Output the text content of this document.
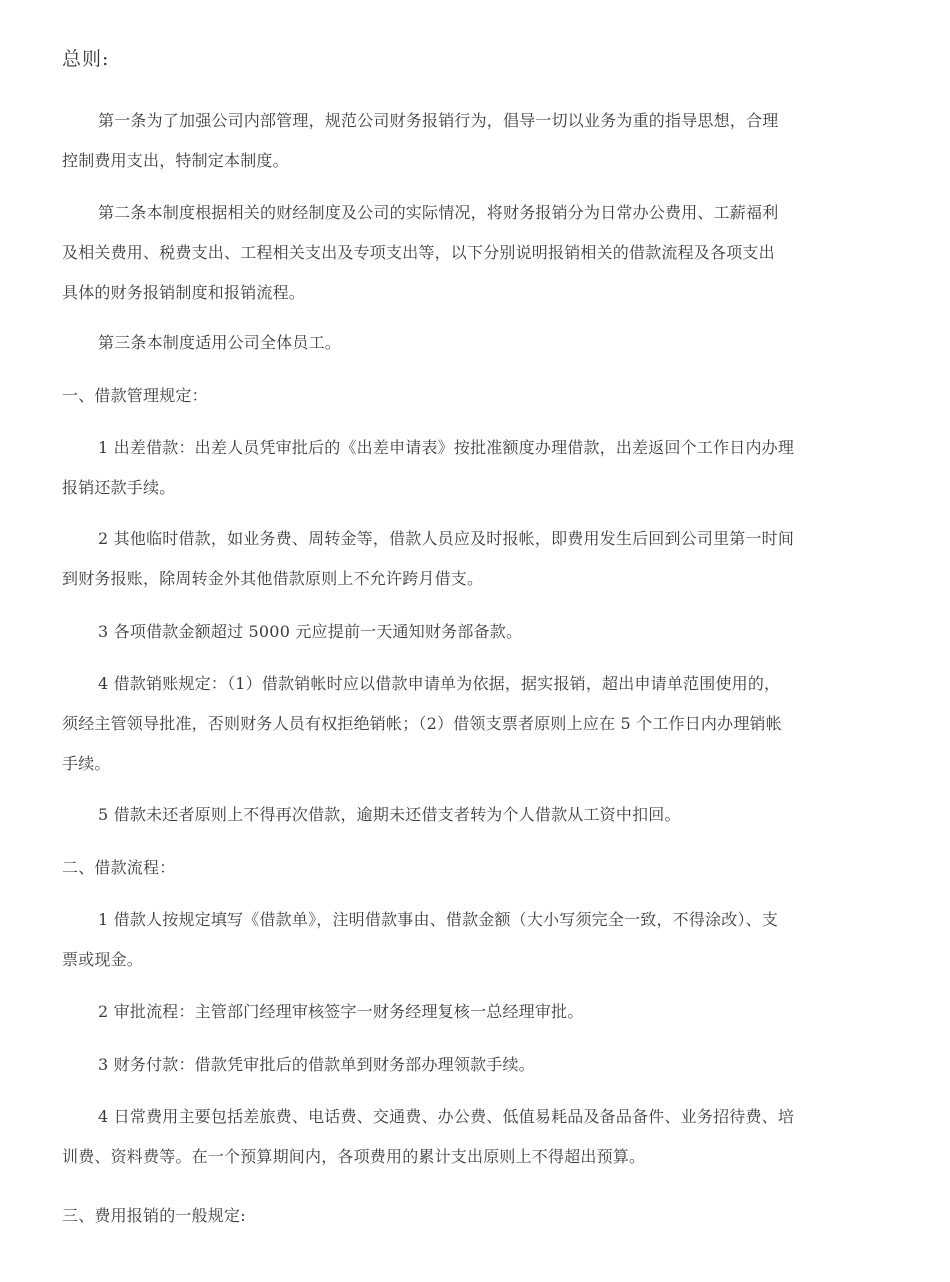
总则:
第一条为了加强公司内部管理，规范公司财务报销行为，倡导一切以业务为重的指导思想，合理
控制费用支出，特制定本制度。
第二条本制度根据相关的财经制度及公司的实际情况，将财务报销分为日常办公费用、工薪福利
及相关费用、税费支出、工程相关支出及专项支出等，以下分别说明报销相关的借款流程及各项支出
具体的财务报销制度和报销流程。
第三条本制度适用公司全体员工。
一、借款管理规定：
1 出差借款：出差人员凭审批后的《出差申请表》按批准额度办理借款，出差返回个工作日内办理
报销还款手续。
2 其他临时借款，如业务费、周转金等，借款人员应及时报帐，即费用发生后回到公司里第一时间
到财务报账，除周转金外其他借款原则上不允许跨月借支。
3 各项借款金额超过 5000 元应提前一天通知财务部备款。
4 借款销账规定：（1）借款销帐时应以借款申请单为依据，据实报销，超出申请单范围使用的，
须经主管领导批准，否则财务人员有权拒绝销帐；（2）借领支票者原则上应在 5 个工作日内办理销帐
手续。
5 借款未还者原则上不得再次借款，逾期未还借支者转为个人借款从工资中扣回。
二、借款流程：
1 借款人按规定填写《借款单》，注明借款事由、借款金额（大小写须完全一致，不得涂改）、支
票或现金。
2 审批流程：主管部门经理审核签字一财务经理复核一总经理审批。
3 财务付款：借款凭审批后的借款单到财务部办理领款手续。
4 日常费用主要包括差旅费、电话费、交通费、办公费、低值易耗品及备品备件、业务招待费、培
训费、资料费等。在一个预算期间内，各项费用的累计支出原则上不得超出预算。
三、费用报销的一般规定:
